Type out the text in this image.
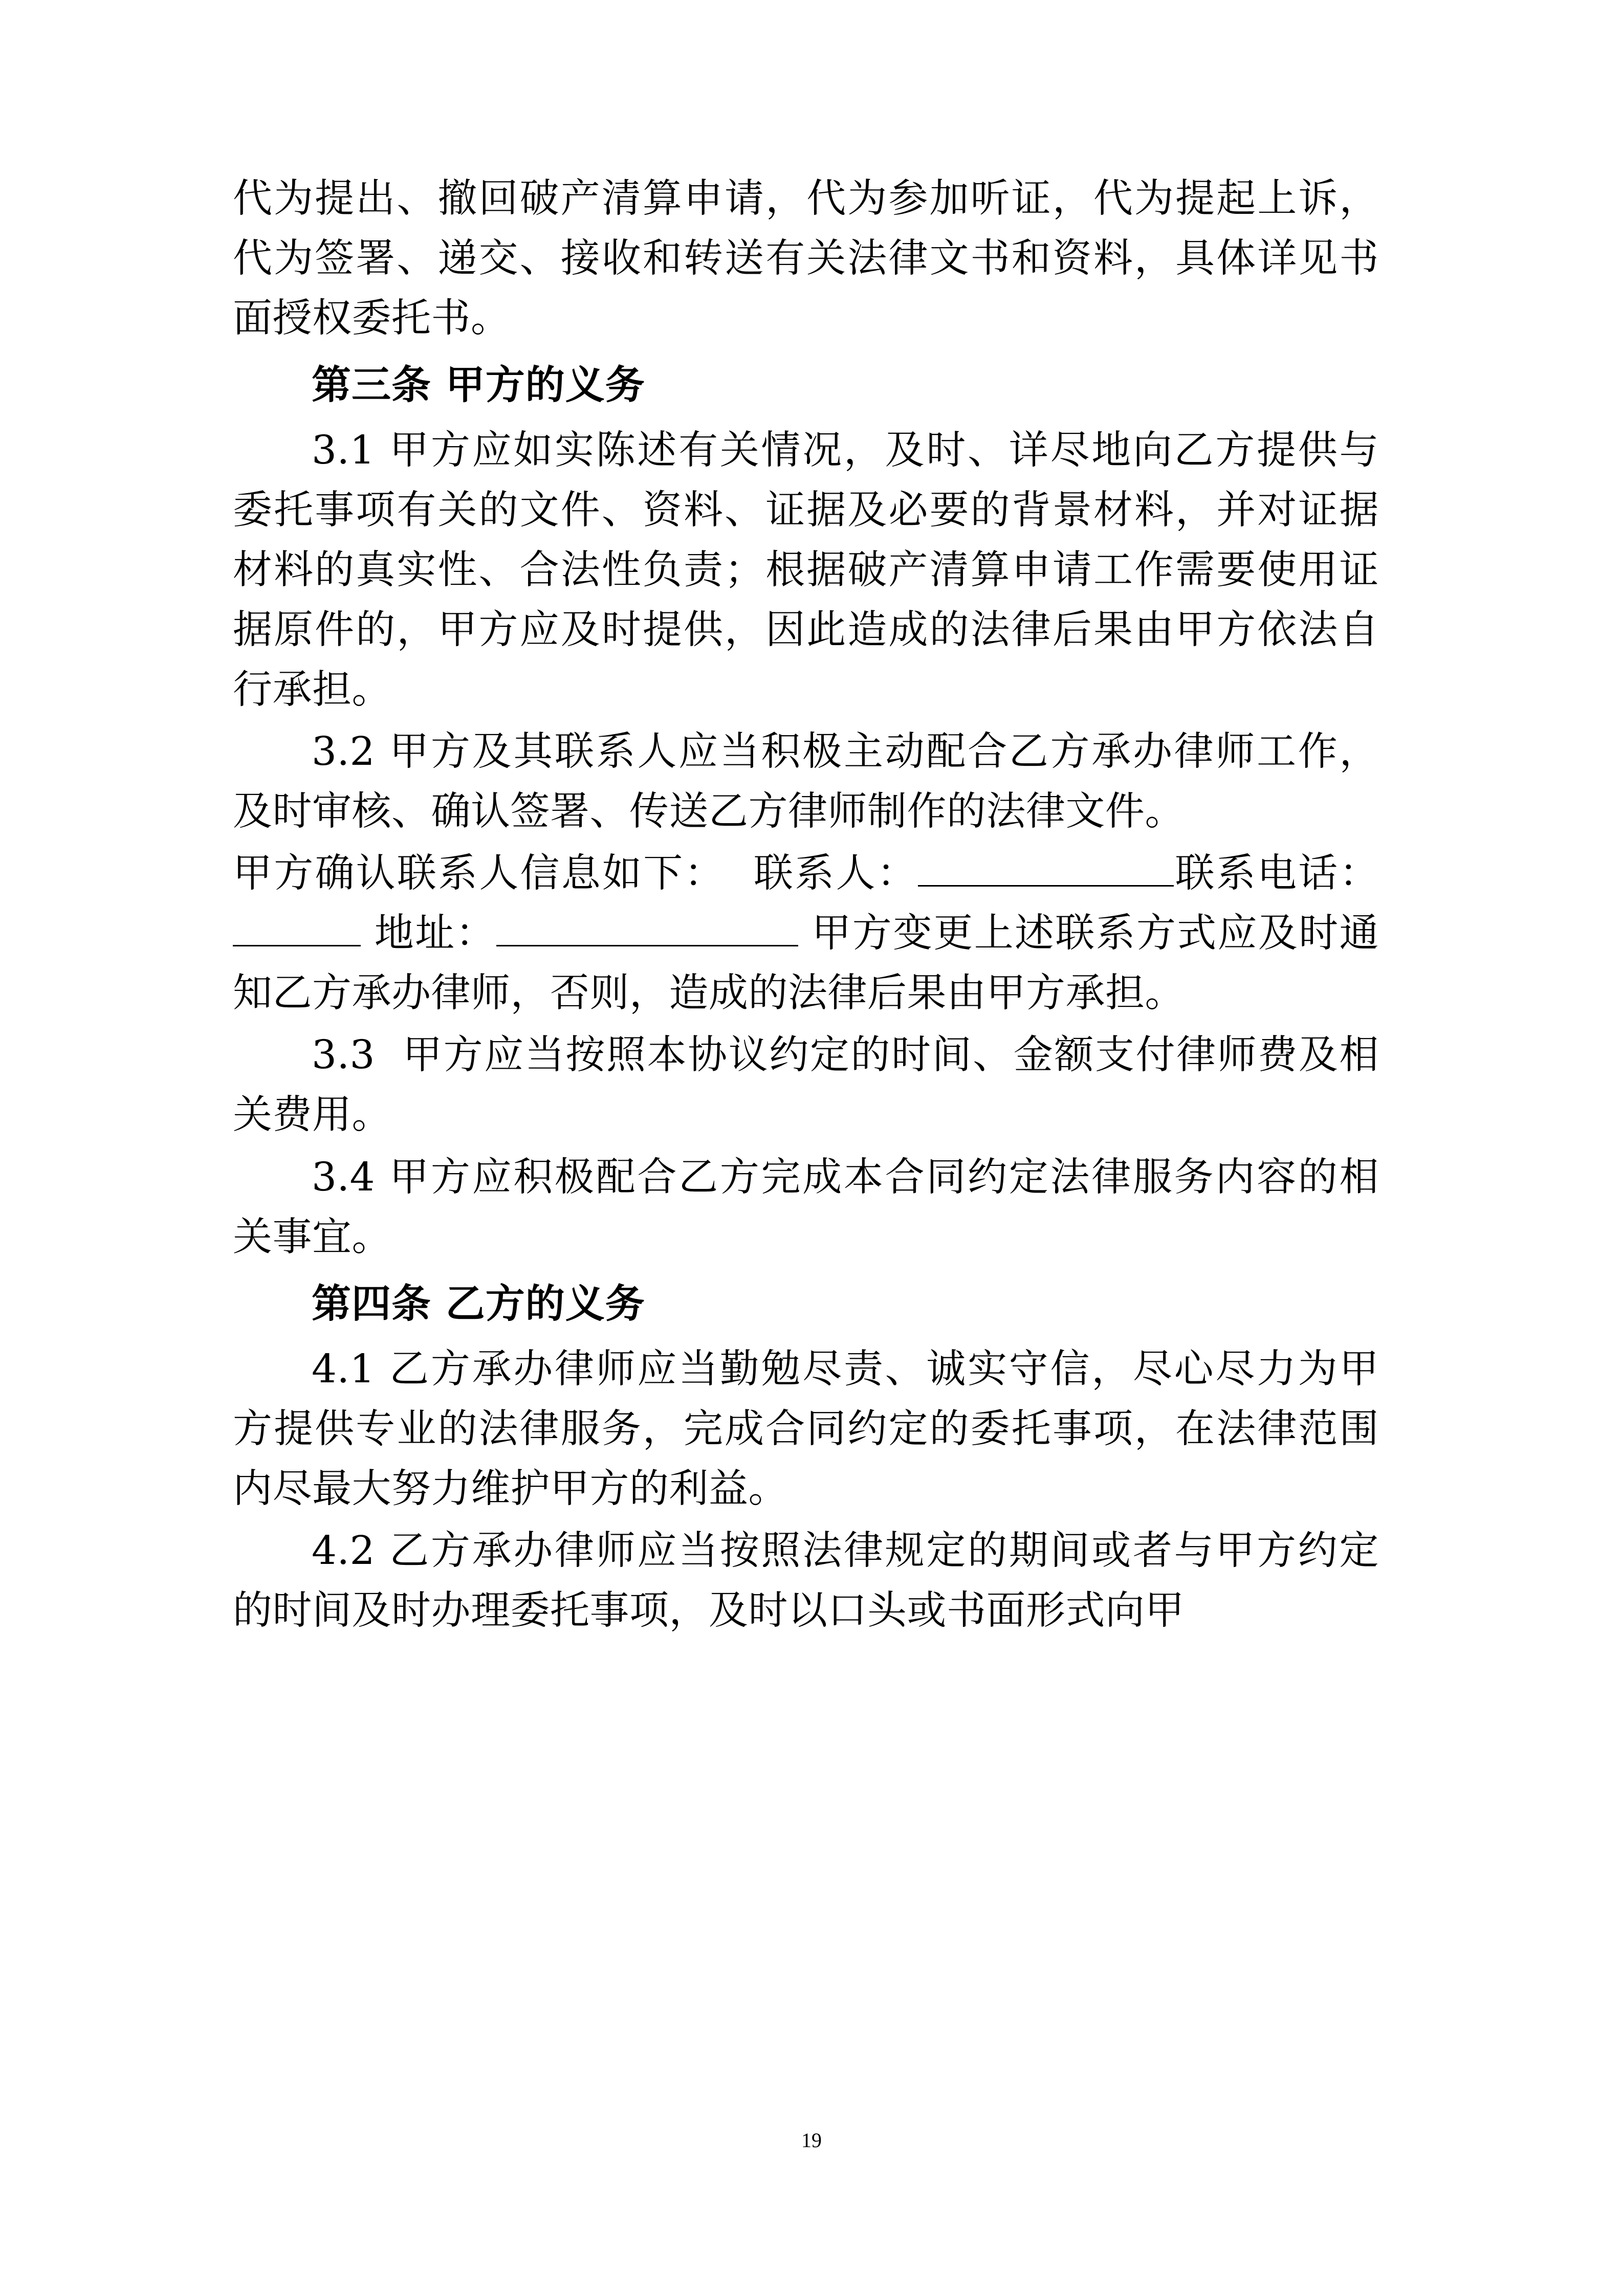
代为提出、撤回破产清算申请，代为参加听证，代为提起上诉，代为签署、递交、接收和转送有关法律文书和资料，具体详见书面授权委托书。

第三条 甲方的义务

3.1 甲方应如实陈述有关情况，及时、详尽地向乙方提供与委托事项有关的文件、资料、证据及必要的背景材料，并对证据材料的真实性、合法性负责；根据破产清算申请工作需要使用证据原件的，甲方应及时提供，因此造成的法律后果由甲方依法自行承担。

3.2 甲方及其联系人应当积极主动配合乙方承办律师工作，及时审核、确认签署、传送乙方律师制作的法律文件。

甲方确认联系人信息如下：  联系人：	联系电话： 地址：	甲方变更上述联系方式应及时通知乙方承办律师，否则，造成的法律后果由甲方承担。

3.3  甲方应当按照本协议约定的时间、金额支付律师费及相关费用。

3.4 甲方应积极配合乙方完成本合同约定法律服务内容的相关事宜。

第四条 乙方的义务

4.1 乙方承办律师应当勤勉尽责、诚实守信，尽心尽力为甲方提供专业的法律服务，完成合同约定的委托事项，在法律范围内尽最大努力维护甲方的利益。

4.2 乙方承办律师应当按照法律规定的期间或者与甲方约定的时间及时办理委托事项，及时以口头或书面形式向甲

19
